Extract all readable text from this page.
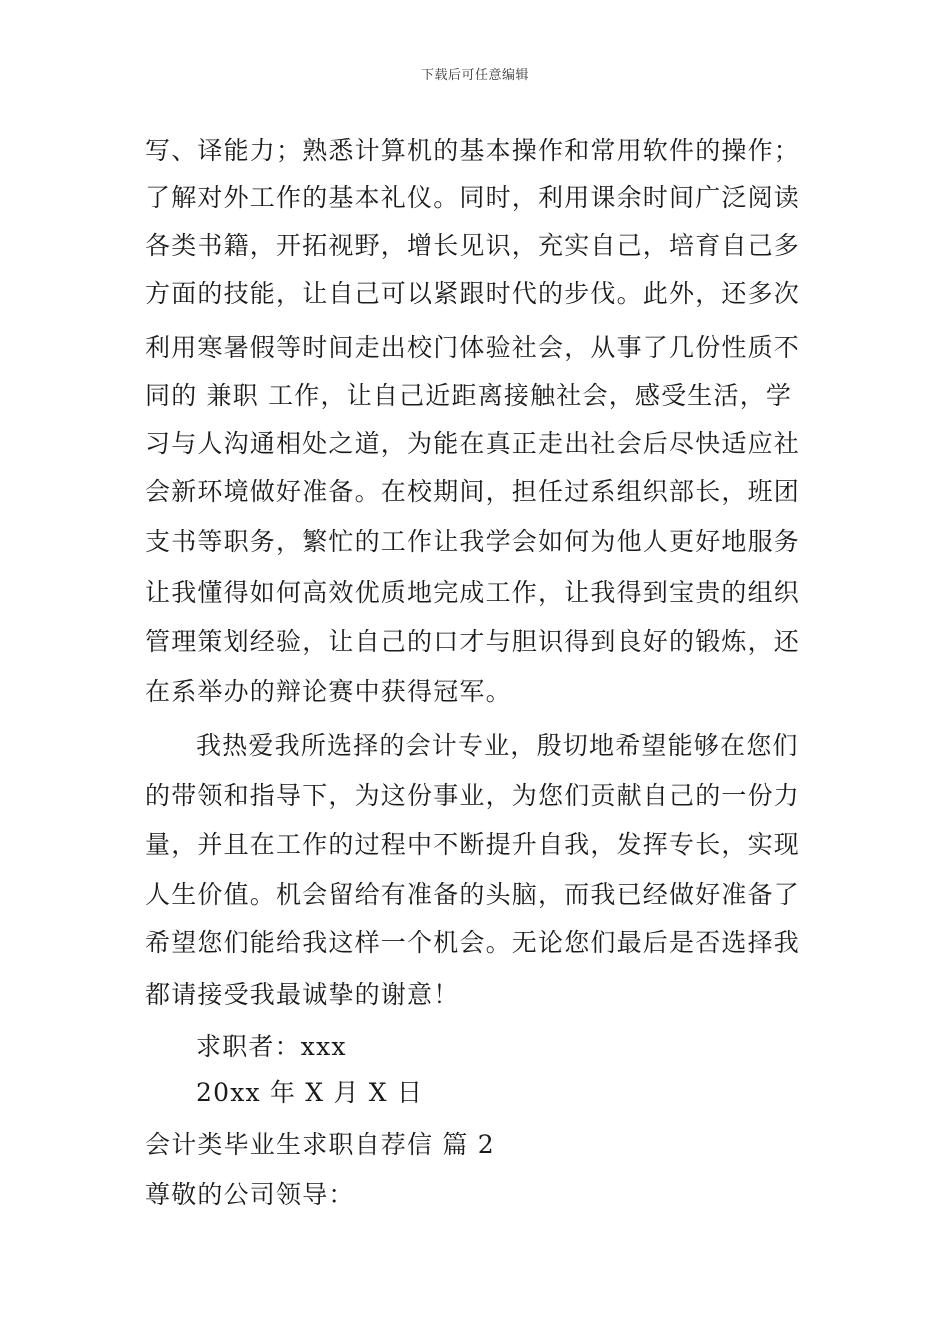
下载后可任意编辑
写、译能力；熟悉计算机的基本操作和常用软件的操作；
了解对外工作的基本礼仪。同时，利用课余时间广泛阅读
各类书籍，开拓视野，增长见识，充实自己，培育自己多
方面的技能，让自己可以紧跟时代的步伐。此外，还多次
利用寒暑假等时间走出校门体验社会，从事了几份性质不
同的 兼职 工作，让自己近距离接触社会，感受生活，学
习与人沟通相处之道，为能在真正走出社会后尽快适应社
会新环境做好准备。在校期间，担任过系组织部长，班团
支书等职务，繁忙的工作让我学会如何为他人更好地服务
让我懂得如何高效优质地完成工作，让我得到宝贵的组织
管理策划经验，让自己的口才与胆识得到良好的锻炼，还
在系举办的辩论赛中获得冠军。
我热爱我所选择的会计专业，殷切地希望能够在您们
的带领和指导下，为这份事业，为您们贡献自己的一份力
量，并且在工作的过程中不断提升自我，发挥专长，实现
人生价值。机会留给有准备的头脑，而我已经做好准备了
希望您们能给我这样一个机会。无论您们最后是否选择我
都请接受我最诚挚的谢意！
求职者：xxx
20xx 年 X 月 X 日
会计类毕业生求职自荐信 篇 2
尊敬的公司领导：
